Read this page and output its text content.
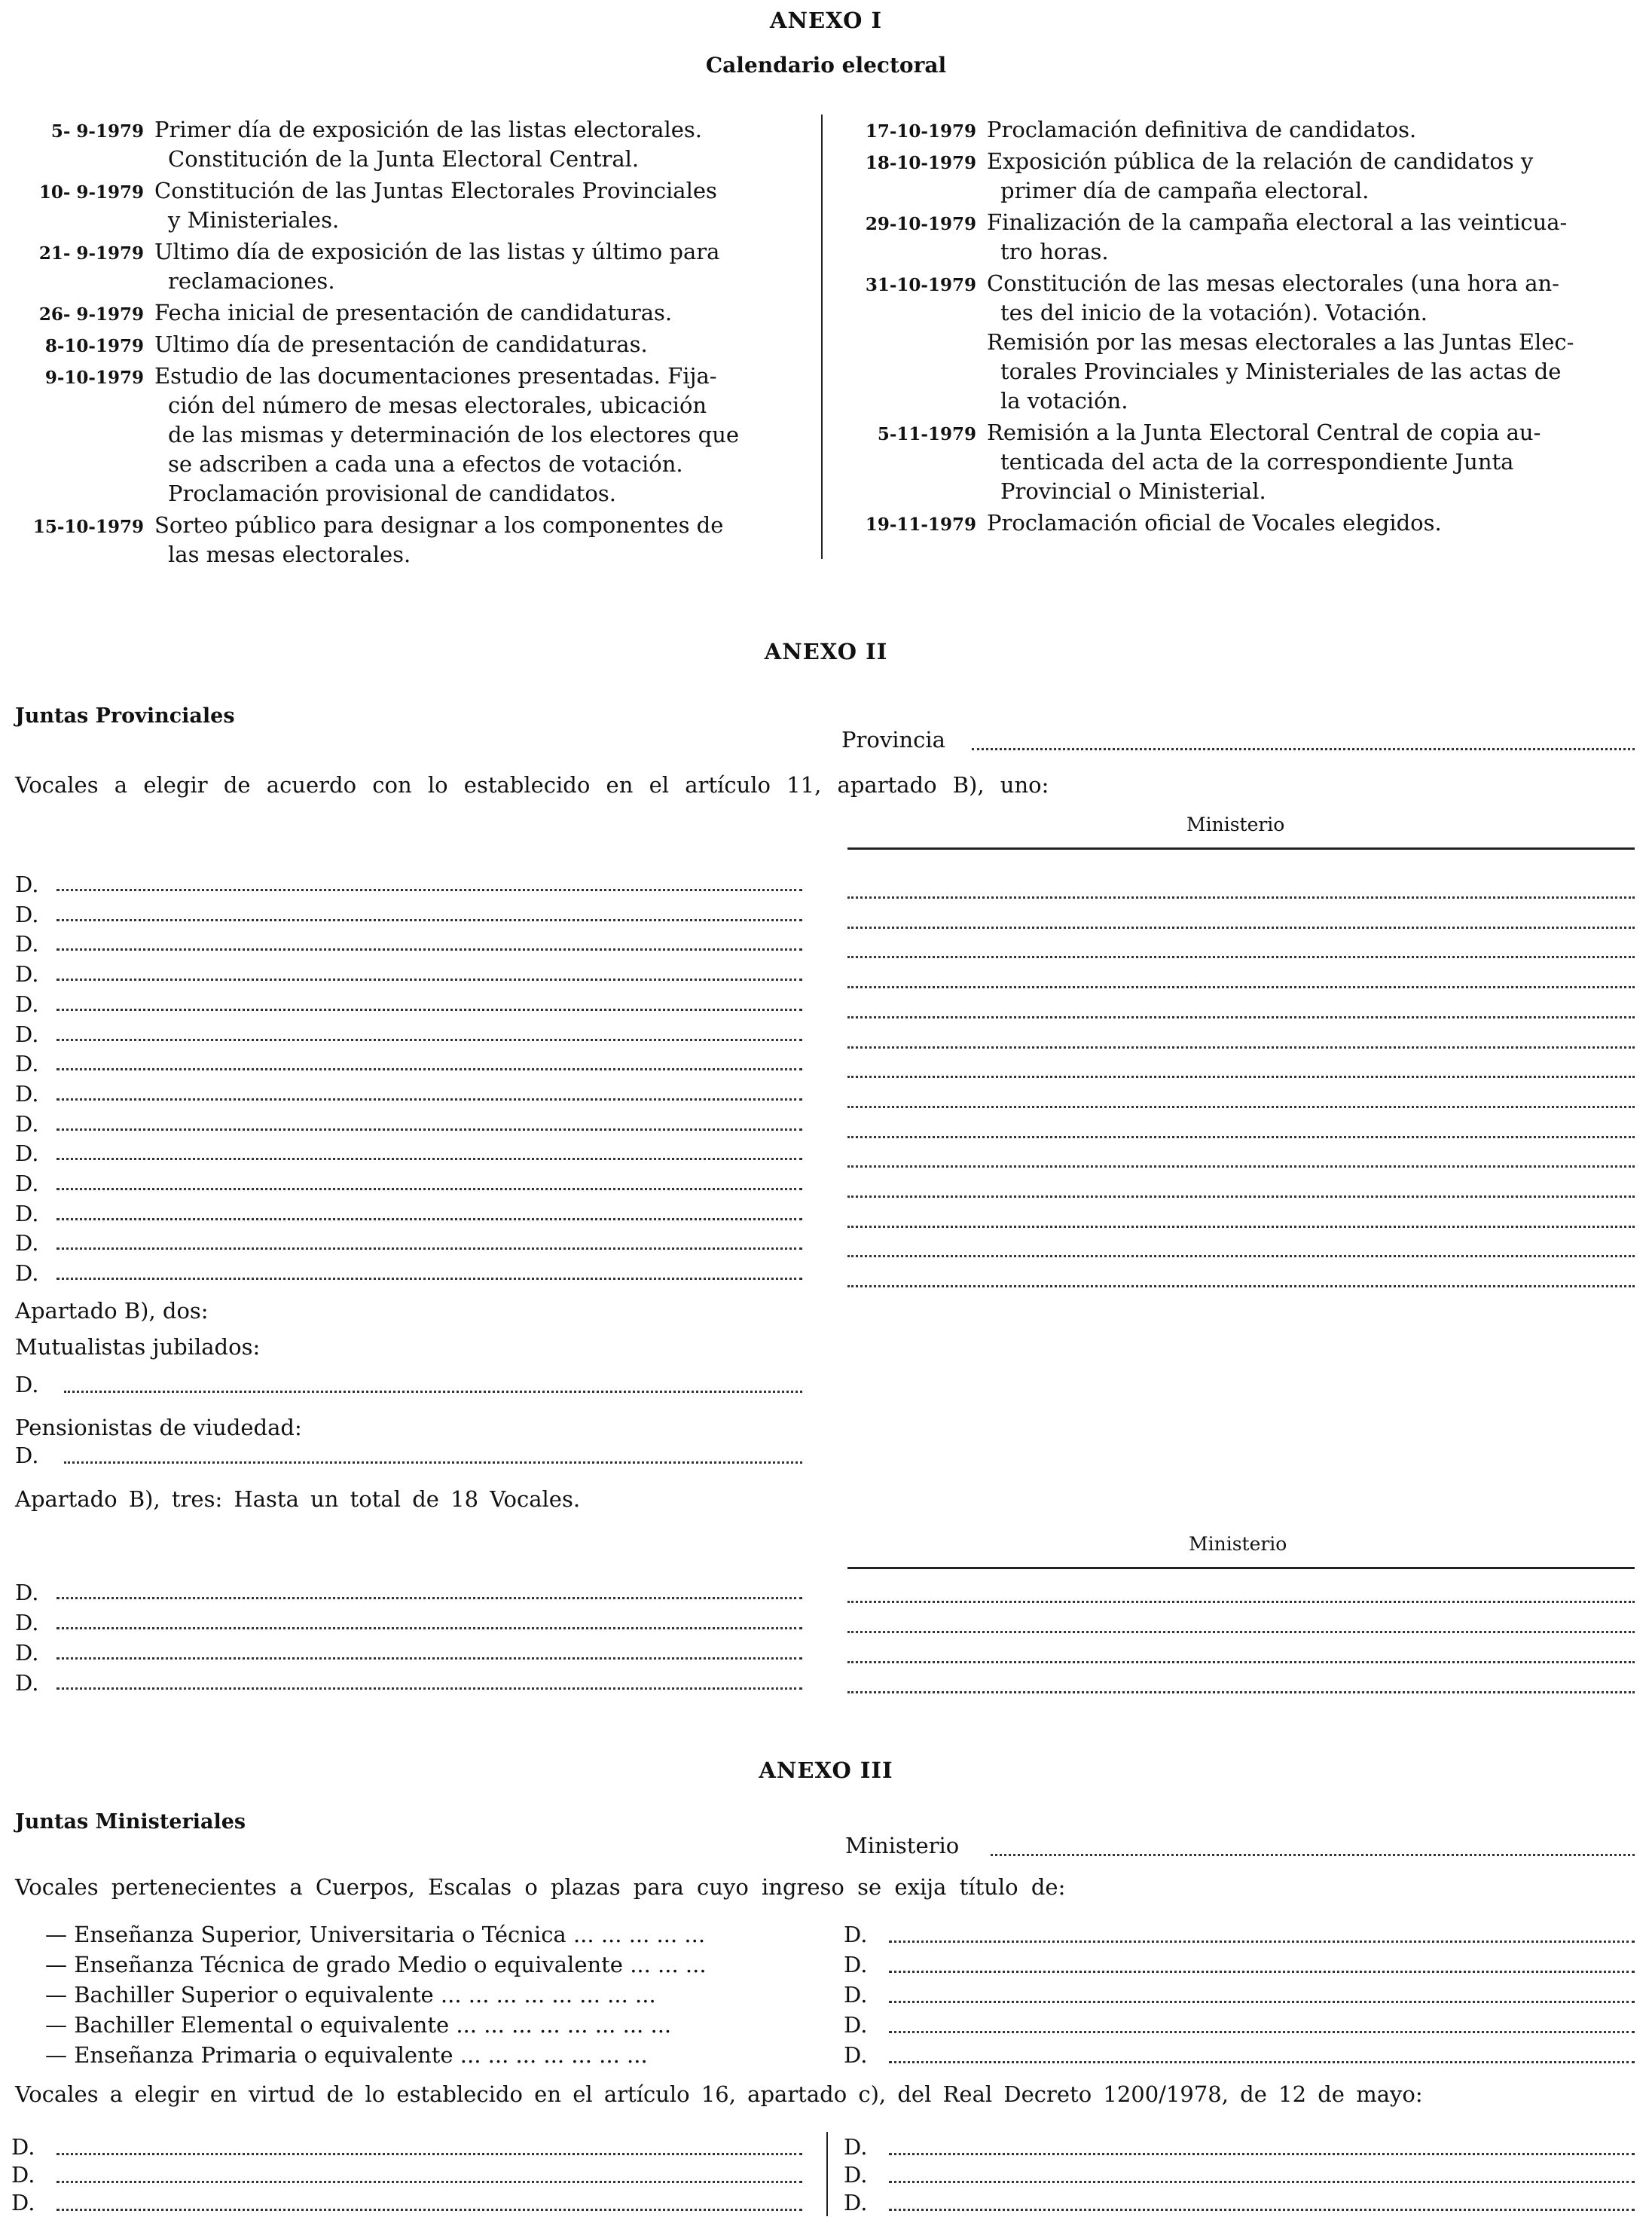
ANEXO I
Calendario electoral
5- 9-1979 Primer día de exposición de las listas electorales.
Constitución de la Junta Electoral Central.
10- 9-1979 Constitución de las Juntas Electorales Provinciales
y Ministeriales.
21- 9-1979 Ultimo día de exposición de las listas y último para
reclamaciones.
26- 9-1979 Fecha inicial de presentación de candidaturas.
8-10-1979 Ultimo día de presentación de candidaturas.
9-10-1979 Estudio de las documentaciones presentadas. Fija-
ción del número de mesas electorales, ubicación
de las mismas y determinación de los electores que
se adscriben a cada una a efectos de votación.
Proclamación provisional de candidatos.
15-10-1979 Sorteo público para designar a los componentes de
las mesas electorales.
17-10-1979 Proclamación definitiva de candidatos.
18-10-1979 Exposición pública de la relación de candidatos y
primer día de campaña electoral.
29-10-1979 Finalización de la campaña electoral a las veinticua-
tro horas.
31-10-1979 Constitución de las mesas electorales (una hora an-
tes del inicio de la votación). Votación.
Remisión por las mesas electorales a las Juntas Elec-
torales Provinciales y Ministeriales de las actas de
la votación.
5-11-1979 Remisión a la Junta Electoral Central de copia au-
tenticada del acta de la correspondiente Junta
Provincial o Ministerial.
19-11-1979 Proclamación oficial de Vocales elegidos.
ANEXO II
Juntas Provinciales
Provincia
Vocales a elegir de acuerdo con lo establecido en el artículo 11, apartado B), uno:
Ministerio
D.
D.
D.
D.
D.
D.
D.
D.
D.
D.
D.
D.
D.
D.
Apartado B), dos:
Mutualistas jubilados:
D.
Pensionistas de viudedad:
D.
Apartado B), tres: Hasta un total de 18 Vocales.
Ministerio
D.
D.
D.
D.
ANEXO III
Juntas Ministeriales
Ministerio
Vocales pertenecientes a Cuerpos, Escalas o plazas para cuyo ingreso se exija título de:
— Enseñanza Superior, Universitaria o Técnica ... ... ... ... ...	D.
— Enseñanza Técnica de grado Medio o equivalente ... ... ...	D.
— Bachiller Superior o equivalente ... ... ... ... ... ... ... ...	D.
— Bachiller Elemental o equivalente ... ... ... ... ... ... ... ...	D.
— Enseñanza Primaria o equivalente ... ... ... ... ... ... ...	D.
Vocales a elegir en virtud de lo establecido en el artículo 16, apartado c), del Real Decreto 1200/1978, de 12 de mayo:
D.	D.
D.	D.
D.	D.
